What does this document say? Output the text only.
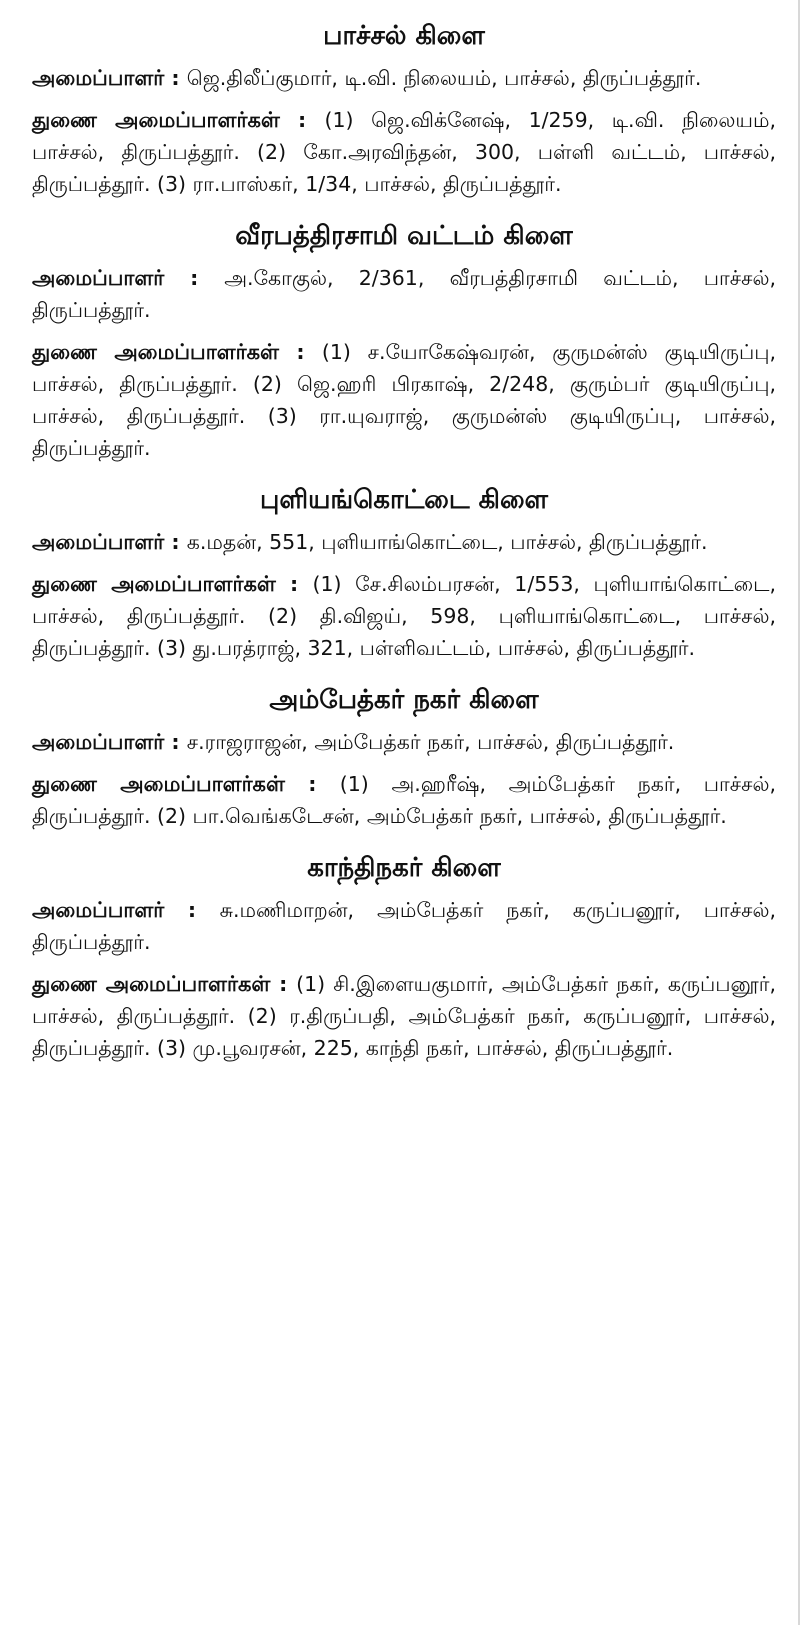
பாச்சல் கிளை

அமைப்பாளர் : ஜெ.திலீப்குமார், டி.வி. நிலையம், பாச்சல், திருப்பத்தூர்.

துணை அமைப்பாளர்கள் : (1) ஜெ.விக்னேஷ், 1/259, டி.வி. நிலையம், பாச்சல், திருப்பத்தூர். (2) கோ.அரவிந்தன், 300, பள்ளி வட்டம், பாச்சல், திருப்பத்தூர். (3) ரா.பாஸ்கர், 1/34, பாச்சல், திருப்பத்தூர்.

வீரபத்திரசாமி வட்டம் கிளை

அமைப்பாளர் : அ.கோகுல், 2/361, வீரபத்திரசாமி வட்டம், பாச்சல், திருப்பத்தூர்.

துணை அமைப்பாளர்கள் : (1) ச.யோகேஷ்வரன், குருமன்ஸ் குடியிருப்பு, பாச்சல், திருப்பத்தூர். (2) ஜெ.ஹரி பிரகாஷ், 2/248, குரும்பர் குடியிருப்பு, பாச்சல், திருப்பத்தூர். (3) ரா.யுவராஜ், குருமன்ஸ் குடியிருப்பு, பாச்சல், திருப்பத்தூர்.

புளியங்கொட்டை கிளை

அமைப்பாளர் : க.மதன், 551, புளியாங்கொட்டை, பாச்சல், திருப்பத்தூர்.

துணை அமைப்பாளர்கள் : (1) சே.சிலம்பரசன், 1/553, புளியாங்கொட்டை, பாச்சல், திருப்பத்தூர். (2) தி.விஜய், 598, புளியாங்கொட்டை, பாச்சல், திருப்பத்தூர். (3) து.பரத்ராஜ், 321, பள்ளிவட்டம், பாச்சல், திருப்பத்தூர்.

அம்பேத்கர் நகர் கிளை

அமைப்பாளர் : ச.ராஜராஜன், அம்பேத்கர் நகர், பாச்சல், திருப்பத்தூர்.

துணை அமைப்பாளர்கள் : (1) அ.ஹரீஷ், அம்பேத்கர் நகர், பாச்சல், திருப்பத்தூர். (2) பா.வெங்கடேசன், அம்பேத்கர் நகர், பாச்சல், திருப்பத்தூர்.

காந்திநகர் கிளை

அமைப்பாளர் : சு.மணிமாறன், அம்பேத்கர் நகர், கருப்பனூர், பாச்சல், திருப்பத்தூர்.

துணை அமைப்பாளர்கள் : (1) சி.இளையகுமார், அம்பேத்கர் நகர், கருப்பனூர், பாச்சல், திருப்பத்தூர். (2) ர.திருப்பதி, அம்பேத்கர் நகர், கருப்பனூர், பாச்சல், திருப்பத்தூர். (3) மு.பூவரசன், 225, காந்தி நகர், பாச்சல், திருப்பத்தூர்.
